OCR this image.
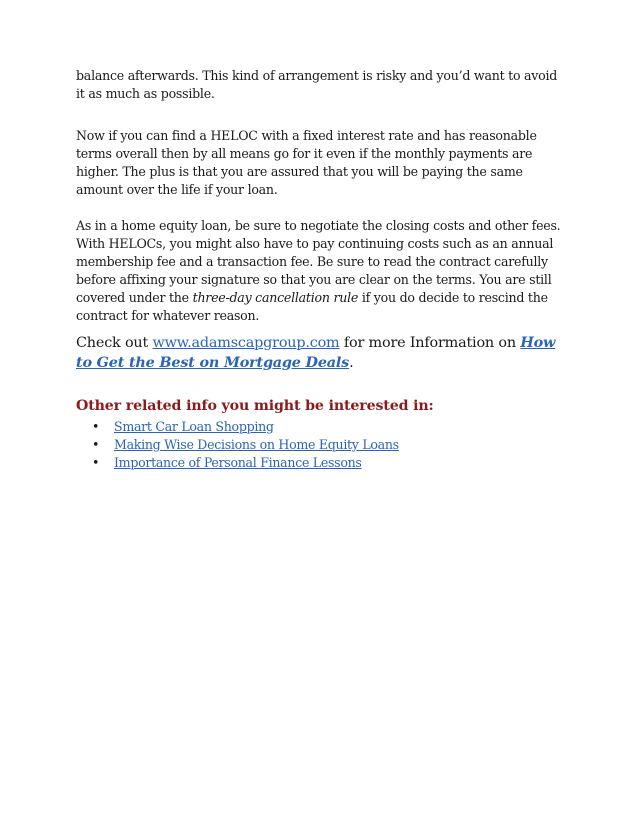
balance afterwards. This kind of arrangement is risky and you’d want to avoid it as much as possible.

Now if you can find a HELOC with a fixed interest rate and has reasonable terms overall then by all means go for it even if the monthly payments are higher. The plus is that you are assured that you will be paying the same amount over the life if your loan.

As in a home equity loan, be sure to negotiate the closing costs and other fees. With HELOCs, you might also have to pay continuing costs such as an annual membership fee and a transaction fee. Be sure to read the contract carefully before affixing your signature so that you are clear on the terms. You are still covered under the three-day cancellation rule if you do decide to rescind the contract for whatever reason.

Check out www.adamscapgroup.com for more Information on How to Get the Best on Mortgage Deals.

Other related info you might be interested in:
• Smart Car Loan Shopping
• Making Wise Decisions on Home Equity Loans
• Importance of Personal Finance Lessons
